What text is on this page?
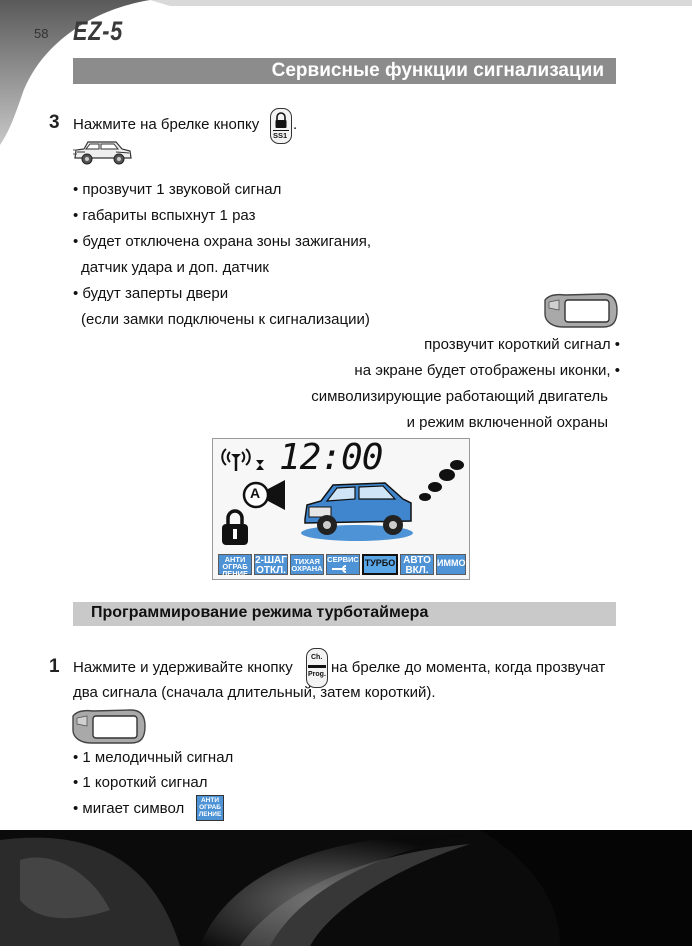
58 EZ-5
Сервисные функции сигнализации
3 Нажмите на брелке кнопку
SS1
.
• прозвучит 1 звуковой сигнал
• габариты вспыхнут 1 раз
• будет отключена охрана зоны зажигания,
датчик удара и доп. датчик
• будут заперты двери
(если замки подключены к сигнализации)
прозвучит короткий сигнал •
на экране будет отображены иконки, •
символизирующие работающий двигатель
и режим включенной охраны
12:00
A
АНТИ
ОГРАБ
ЛЕНИЕ
2-ШАГ
ОТКЛ.
ТИХАЯ
ОХРАНА
СЕРВИС ТУРБО АВТО
ВКЛ.
ИММО
Программирование режима турботаймера
1 Нажмите и удерживайте кнопку
Ch.
Prog. на брелке до момента, когда прозвучат
два сигнала (сначала длительный, затем короткий).
• 1 мелодичный сигнал
• 1 короткий сигнал
• мигает символ	АНТИ
ОГРАБ
ЛЕНИЕ
